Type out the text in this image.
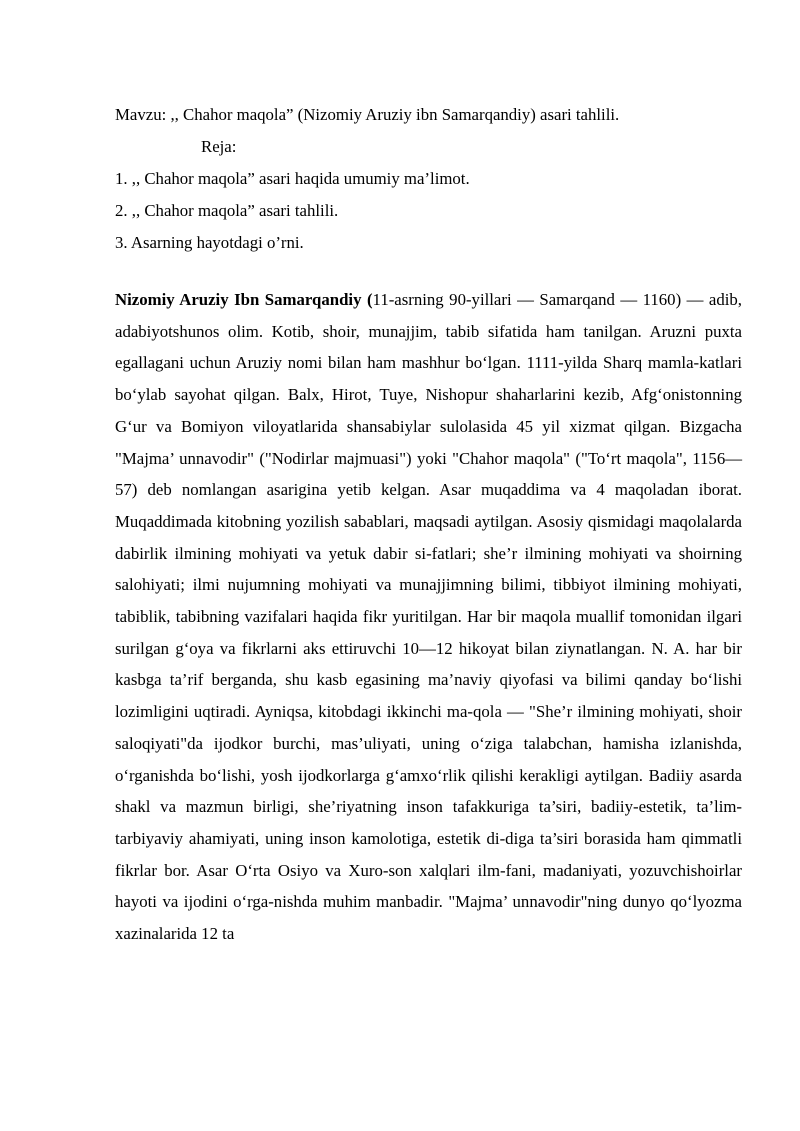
Mavzu: ,, Chahor maqola” (Nizomiy Aruziy ibn Samarqandiy) asari tahlili.
Reja:
1. ,, Chahor maqola” asari haqida umumiy ma’limot.
2. ,, Chahor maqola” asari tahlili.
3. Asarning hayotdagi o’rni.

Nizomiy Aruziy Ibn Samarqandiy (11-asrning 90-yillari — Samarqand — 1160) — adib, adabiyotshunos olim. Kotib, shoir, munajjim, tabib sifatida ham tanilgan. Aruzni puxta egallagani uchun Aruziy nomi bilan ham mashhur bo‘lgan. 1111-yilda Sharq mamla-katlari bo‘ylab sayohat qilgan. Balx, Hirot, Tuye, Nishopur shaharlarini kezib, Afg‘onistonning G‘ur va Bomiyon viloyatlarida shansabiylar sulolasida 45 yil xizmat qilgan. Bizgacha "Majma’ unnavodir" ("Nodirlar majmuasi") yoki "Chahor maqola" ("To‘rt maqola", 1156— 57) deb nomlangan asarigina yetib kelgan. Asar muqaddima va 4 maqoladan iborat. Muqaddimada kitobning yozilish sabablari, maqsadi aytilgan. Asosiy qismidagi maqolalarda dabirlik ilmining mohiyati va yetuk dabir si-fatlari; she’r ilmining mohiyati va shoirning salohiyati; ilmi nujumning mohiyati va munajjimning bilimi, tibbiyot ilmining mohiyati, tabiblik, tabibning vazifalari haqida fikr yuritilgan. Har bir maqola muallif tomonidan ilgari surilgan g‘oya va fikrlarni aks ettiruvchi 10—12 hikoyat bilan ziynatlangan. N. A. har bir kasbga ta’rif berganda, shu kasb egasining ma’naviy qiyofasi va bilimi qanday bo‘lishi lozimligini uqtiradi. Ayniqsa, kitobdagi ikkinchi ma-qola — "She’r ilmining mohiyati, shoir saloqiyati"da ijodkor burchi, mas’uliyati, uning o‘ziga talabchan, hamisha izlanishda, o‘rganishda bo‘lishi, yosh ijodkorlarga g‘amxo‘rlik qilishi kerakligi aytilgan. Badiiy asarda shakl va mazmun birligi, she’riyatning inson tafakkuriga ta’siri, badiiy-estetik, ta’lim-tarbiyaviy ahamiyati, uning inson kamolotiga, estetik di-diga ta’siri borasida ham qimmatli fikrlar bor. Asar O‘rta Osiyo va Xuro-son xalqlari ilm-fani, madaniyati, yozuvchishoirlar hayoti va ijodini o‘rga-nishda muhim manbadir. "Majma’ unnavodir"ning dunyo qo‘lyozma xazinalarida 12 ta
